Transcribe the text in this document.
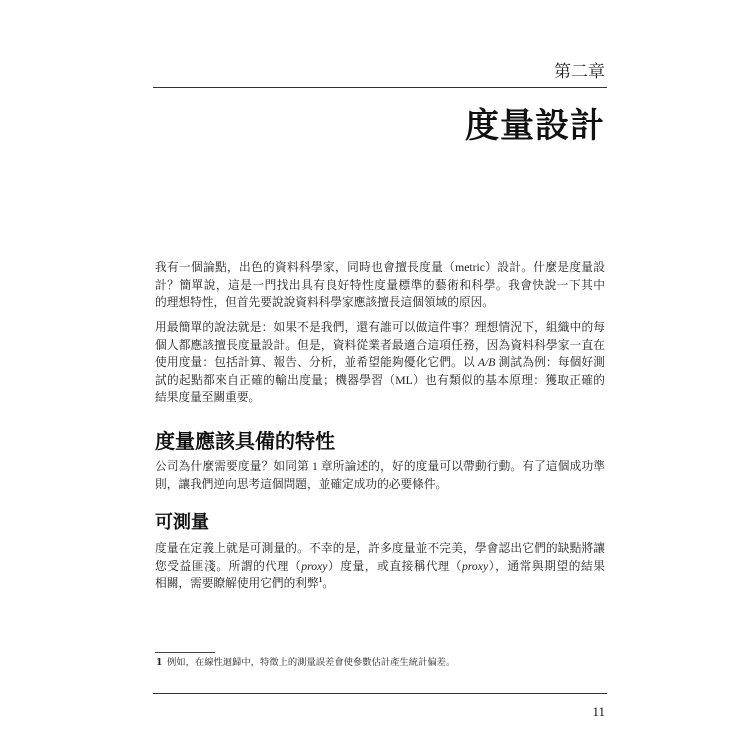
第二章
度量設計
我有一個論點，出色的資料科學家，同時也會擅長度量（metric）設計。什麼是度量設
計？簡單說，這是一門找出具有良好特性度量標準的藝術和科學。我會快說一下其中
的理想特性，但首先要說說資料科學家應該擅長這個領域的原因。
用最簡單的說法就是：如果不是我們，還有誰可以做這件事？理想情況下，組織中的每
個人都應該擅長度量設計。但是，資料從業者最適合這項任務，因為資料科學家一直在
使用度量：包括計算、報告、分析，並希望能夠優化它們。以 A/B 測試為例：每個好測
試的起點都來自正確的輸出度量；機器學習（ML）也有類似的基本原理：獲取正確的
結果度量至關重要。
度量應該具備的特性
公司為什麼需要度量？如同第 1 章所論述的，好的度量可以帶動行動。有了這個成功準
則，讓我們逆向思考這個問題，並確定成功的必要條件。
可測量
度量在定義上就是可測量的。不幸的是，許多度量並不完美，學會認出它們的缺點將讓
您受益匪淺。所謂的代理（proxy）度量，或直接稱代理（proxy），通常與期望的結果
相關，需要瞭解使用它們的利弊$^1$。
1 例如，在線性迴歸中，特徵上的測量誤差會使參數估計產生統計偏差。
11
